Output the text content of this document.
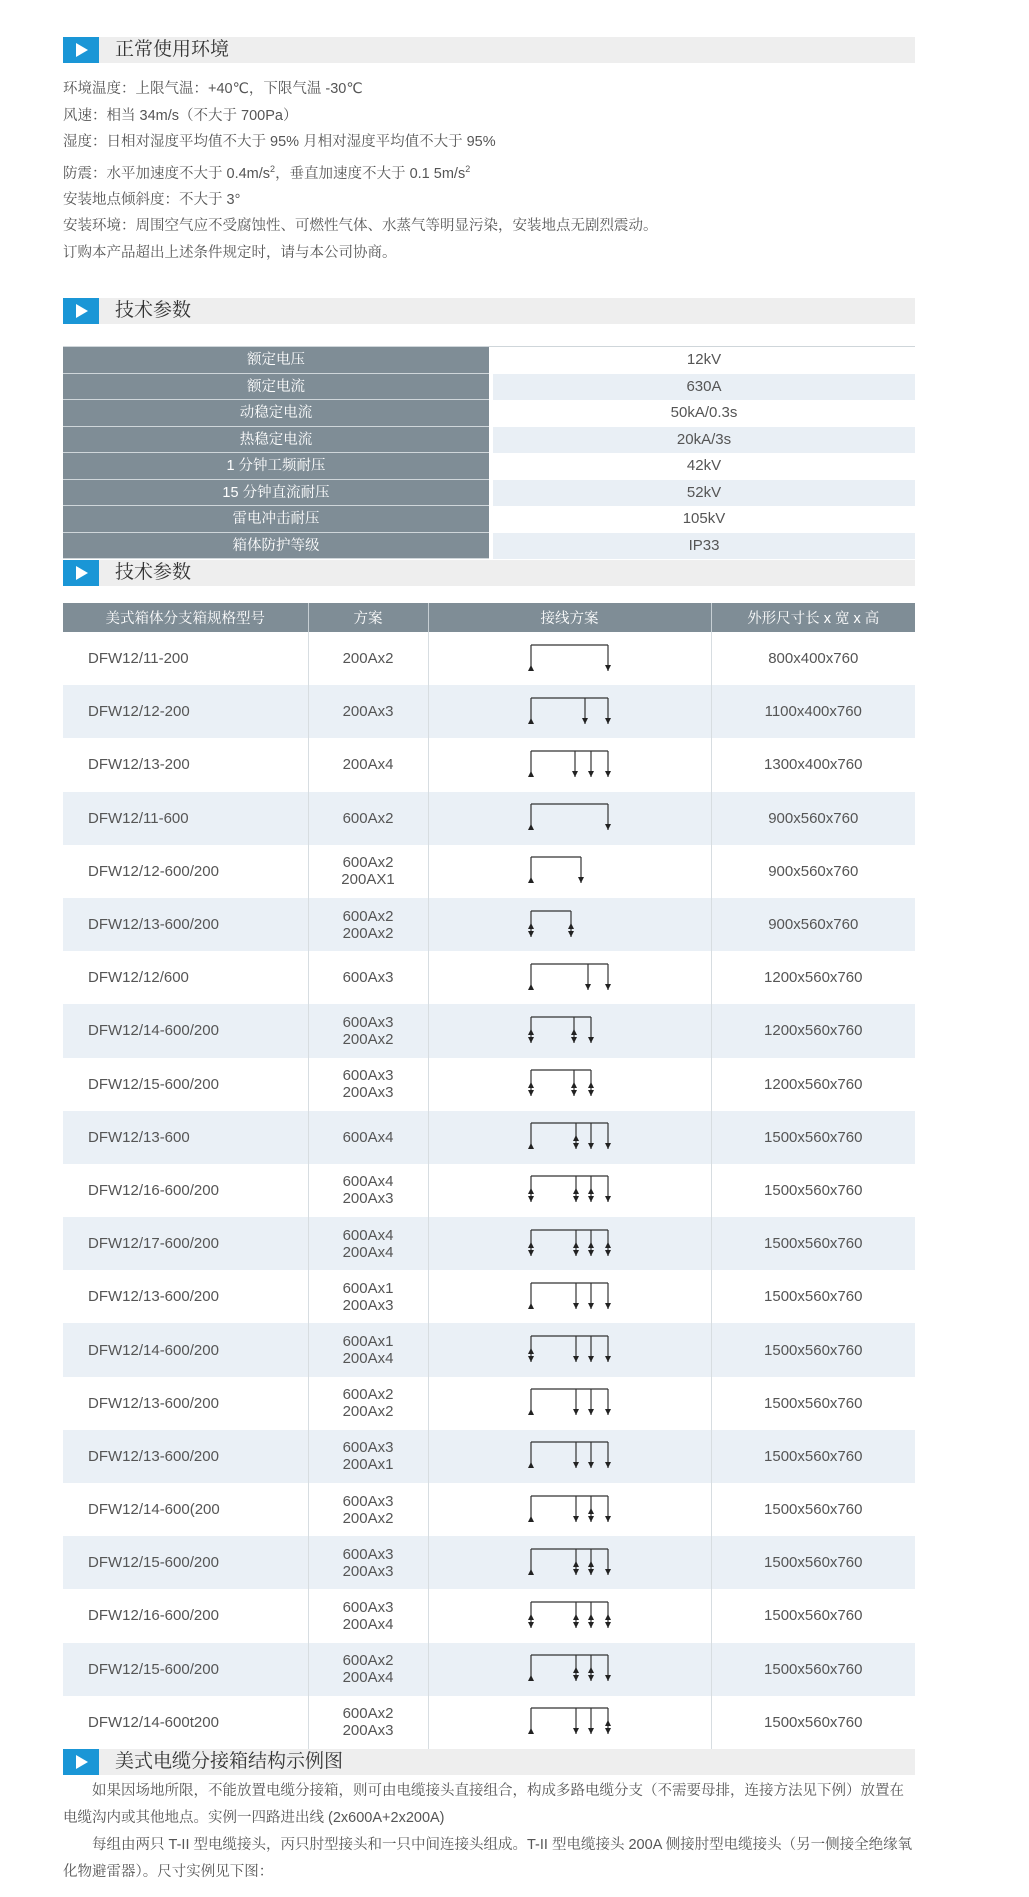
正常使用环境
环境温度：上限气温：+40℃，下限气温 -30℃
风速：相当 34m/s（不大于 700Pa）
湿度：日相对湿度平均值不大于 95% 月相对湿度平均值不大于 95%
防震：水平加速度不大于 $0.4m/s^2$，垂直加速度不大于 0.1 $5m/s^2$
安装地点倾斜度：不大于 3°
安装环境：周围空气应不受腐蚀性、可燃性气体、水蒸气等明显污染，安装地点无剧烈震动。
订购本产品超出上述条件规定时，请与本公司协商。
技术参数
额定电压	12kV
额定电流	630A
动稳定电流	50kA/0.3s
热稳定电流	20kA/3s
1 分钟工频耐压	42kV
15 分钟直流耐压	52kV
雷电冲击耐压	105kV
箱体防护等级	IP33
技术参数
美式箱体分支箱规格型号	方案	接线方案	外形尺寸长 x 宽 x 高
DFW12/11-200	200Ax2		800x400x760
DFW12/12-200	200Ax3		1100x400x760
DFW12/13-200	200Ax4		1300x400x760
DFW12/11-600	600Ax2		900x560x760
DFW12/12-600/200	600Ax2
200AX1		900x560x760
DFW12/13-600/200	600Ax2
200Ax2		900x560x760
DFW12/12/600	600Ax3		1200x560x760
DFW12/14-600/200	600Ax3
200Ax2		1200x560x760
DFW12/15-600/200	600Ax3
200Ax3		1200x560x760
DFW12/13-600	600Ax4		1500x560x760
DFW12/16-600/200	600Ax4
200Ax3		1500x560x760
DFW12/17-600/200	600Ax4
200Ax4		1500x560x760
DFW12/13-600/200	600Ax1
200Ax3		1500x560x760
DFW12/14-600/200	600Ax1
200Ax4		1500x560x760
DFW12/13-600/200	600Ax2
200Ax2		1500x560x760
DFW12/13-600/200	600Ax3
200Ax1		1500x560x760
DFW12/14-600(200	600Ax3
200Ax2		1500x560x760
DFW12/15-600/200	600Ax3
200Ax3		1500x560x760
DFW12/16-600/200	600Ax3
200Ax4		1500x560x760
DFW12/15-600/200	600Ax2
200Ax4		1500x560x760
DFW12/14-600t200	600Ax2
200Ax3		1500x560x760
美式电缆分接箱结构示例图

如果因场地所限，不能放置电缆分接箱，则可由电缆接头直接组合，构成多路电缆分支（不需要母排，连接方法见下例）放置在电缆沟内或其他地点。实例一四路进出线 (2x600A+2x200A)

每组由两只 T-II 型电缆接头，丙只肘型接头和一只中间连接头组成。T-II 型电缆接头 200A 侧接肘型电缆接头（另一侧接全绝缘氧化物避雷器）。尺寸实例见下图：
